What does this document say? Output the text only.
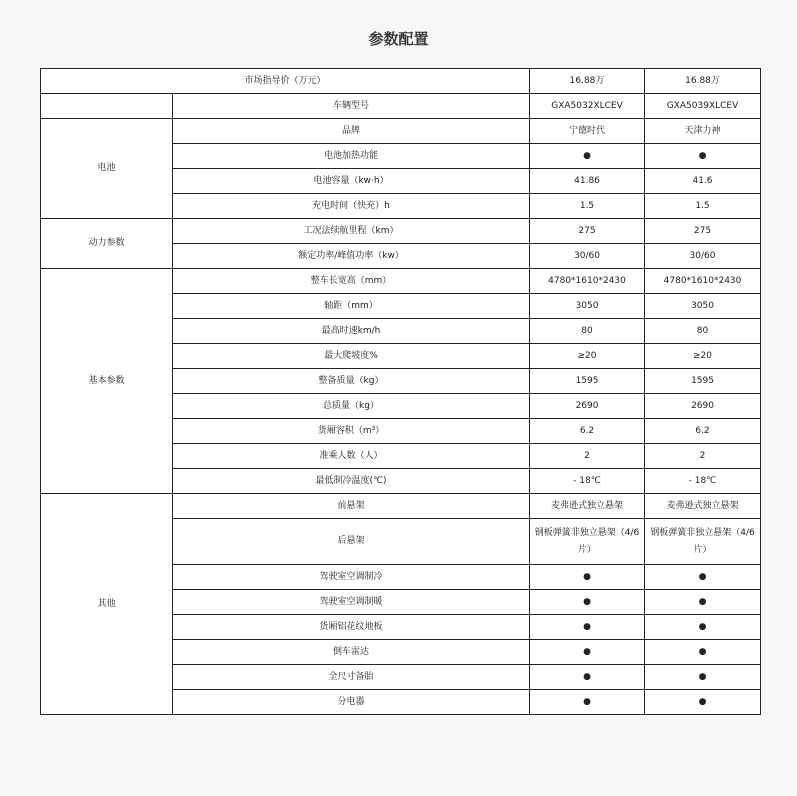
参数配置
市场指导价（万元）		16.88万	16.88万
	车辆型号	GXA5032XLCEV	GXA5039XLCEV
电池	品牌	宁德时代	天津力神
	电池加热功能	●	●
	电池容量（kw·h）	41.86	41.6
	充电时间（快充）h	1.5	1.5
动力参数	工况法续航里程（km）	275	275
	额定功率/峰值功率（kw）	30/60	30/60
基本参数	整车长宽高（mm）	4780*1610*2430	4780*1610*2430
	轴距（mm）	3050	3050
	最高时速km/h	80	80
	最大爬坡度%	≥20	≥20
	整备质量（kg）	1595	1595
	总质量（kg）	2690	2690
	货厢容积（m³）	6.2	6.2
	准乘人数（人）	2	2
	最低制冷温度(℃)	- 18℃	- 18℃
其他	前悬架	麦弗逊式独立悬架	麦弗逊式独立悬架
	后悬架	钢板弹簧非独立悬架（4/6片）	钢板弹簧非独立悬架（4/6片）
	驾驶室空调制冷	●	●
	驾驶室空调制暖	●	●
	货厢铝花纹地板	●	●
	倒车雷达	●	●
	全尺寸备胎	●	●
	分电器	●	●
